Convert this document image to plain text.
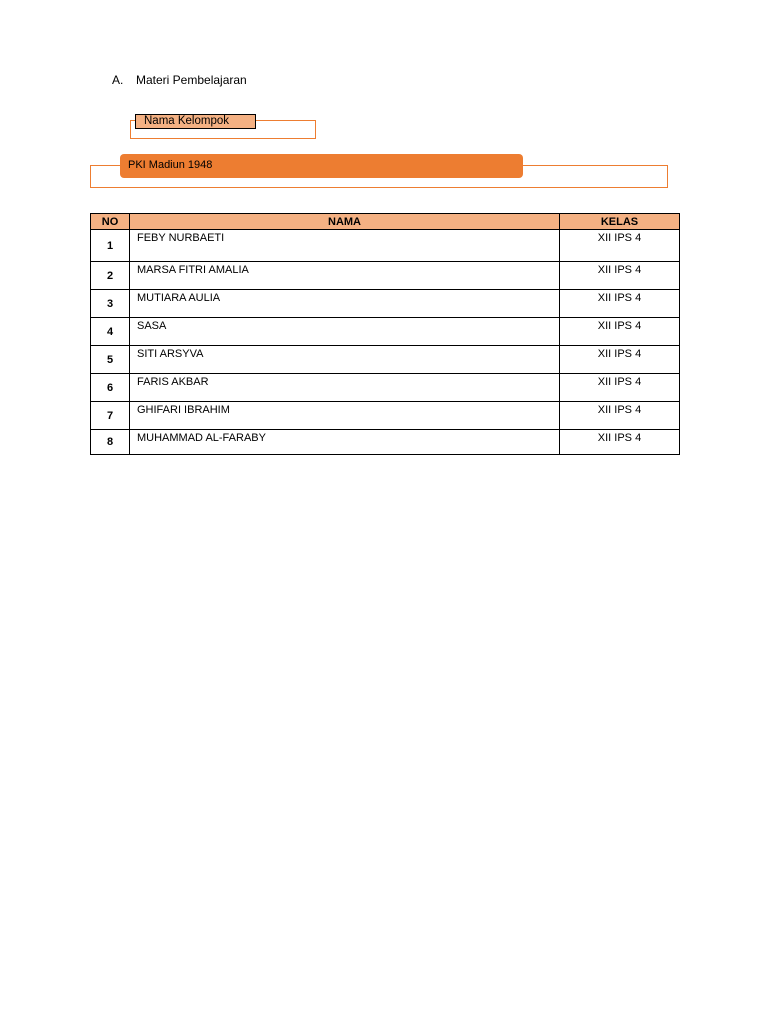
A. Materi Pembelajaran
Nama Kelompok
PKI Madiun 1948
NO	NAMA	KELAS
1	FEBY NURBAETI	XII IPS 4
2	MARSA FITRI AMALIA	XII IPS 4
3	MUTIARA AULIA	XII IPS 4
4	SASA	XII IPS 4
5	SITI ARSYVA	XII IPS 4
6	FARIS AKBAR	XII IPS 4
7	GHIFARI IBRAHIM	XII IPS 4
8	MUHAMMAD AL-FARABY	XII IPS 4
